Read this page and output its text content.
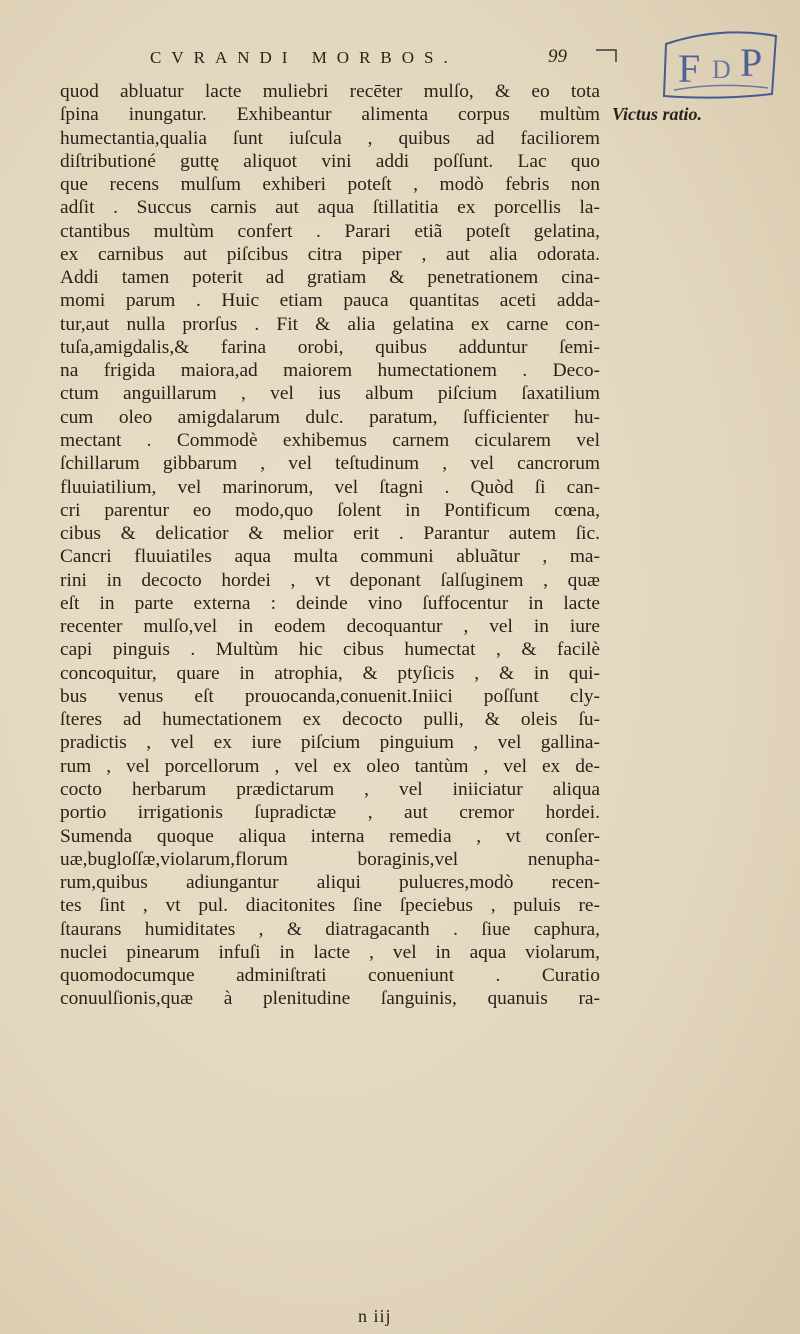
CVRANDI MORBOS.	99	F D P
Victus ratio.
quod abluatur lacte muliebri recēter mulſo, & eo tota
ſpina inungatur. Exhibeantur alimenta corpus multùm
humectantia,qualia ſunt iuſcula , quibus ad faciliorem
diſtributioné guttę aliquot vini addi poſſunt. Lac quo
que recens mulſum exhiberi poteſt , modò febris non
adſit . Succus carnis aut aqua ſtillatitia ex porcellis la-
ctantibus multùm confert . Parari etiã poteſt gelatina,
ex carnibus aut piſcibus citra piper , aut alia odorata.
Addi tamen poterit ad gratiam & penetrationem cina-
momi parum . Huic etiam pauca quantitas aceti adda-
tur,aut nulla prorſus . Fit & alia gelatina ex carne con-
tuſa,amigdalis,& farina orobi, quibus adduntur ſemi-
na frigida maiora,ad maiorem humectationem . Deco-
ctum anguillarum , vel ius album piſcium ſaxatilium
cum oleo amigdalarum dulc. paratum, ſufficienter hu-
mectant . Commodè exhibemus carnem cicularem vel
ſchillarum gibbarum , vel teſtudinum , vel cancrorum
fluuiatilium, vel marinorum, vel ſtagni . Quòd ſi can-
cri parentur eo modo,quo ſolent in Pontificum cœna,
cibus & delicatior & melior erit . Parantur autem ſic.
Cancri fluuiatiles aqua multa communi abluãtur , ma-
rini in decocto hordei , vt deponant ſalſuginem , quæ
eſt in parte externa : deinde vino ſuffocentur in lacte
recenter mulſo,vel in eodem decoquantur , vel in iure
capi pinguis . Multùm hic cibus humectat , & facilè
concoquitur, quare in atrophia, & ptyſicis , & in qui-
bus venus eſt prouocanda,conuenit.Iniici poſſunt cly-
ſteres ad humectationem ex decocto pulli, & oleis ſu-
pradictis , vel ex iure piſcium pinguium , vel gallina-
rum , vel porcellorum , vel ex oleo tantùm , vel ex de-
cocto herbarum prædictarum , vel iniiciatur aliqua
portio irrigationis ſupradictæ , aut cremor hordei.
Sumenda quoque aliqua interna remedia , vt conſer-
uæ,bugloſſæ,violarum,florum boraginis,vel nenupha-
rum,quibus adiungantur aliqui puluєres,modò recen-
tes ſint , vt pul. diacitonites ſine ſpeciebus , puluis re-
ſtaurans humiditates , & diatragacanth . ſiue caphura,
nuclei pinearum infuſi in lacte , vel in aqua violarum,
quomodocumque adminiſtrati conueniunt . Curatio
conuulſionis,quæ à plenitudine ſanguinis, quanuis ra-
n iij
